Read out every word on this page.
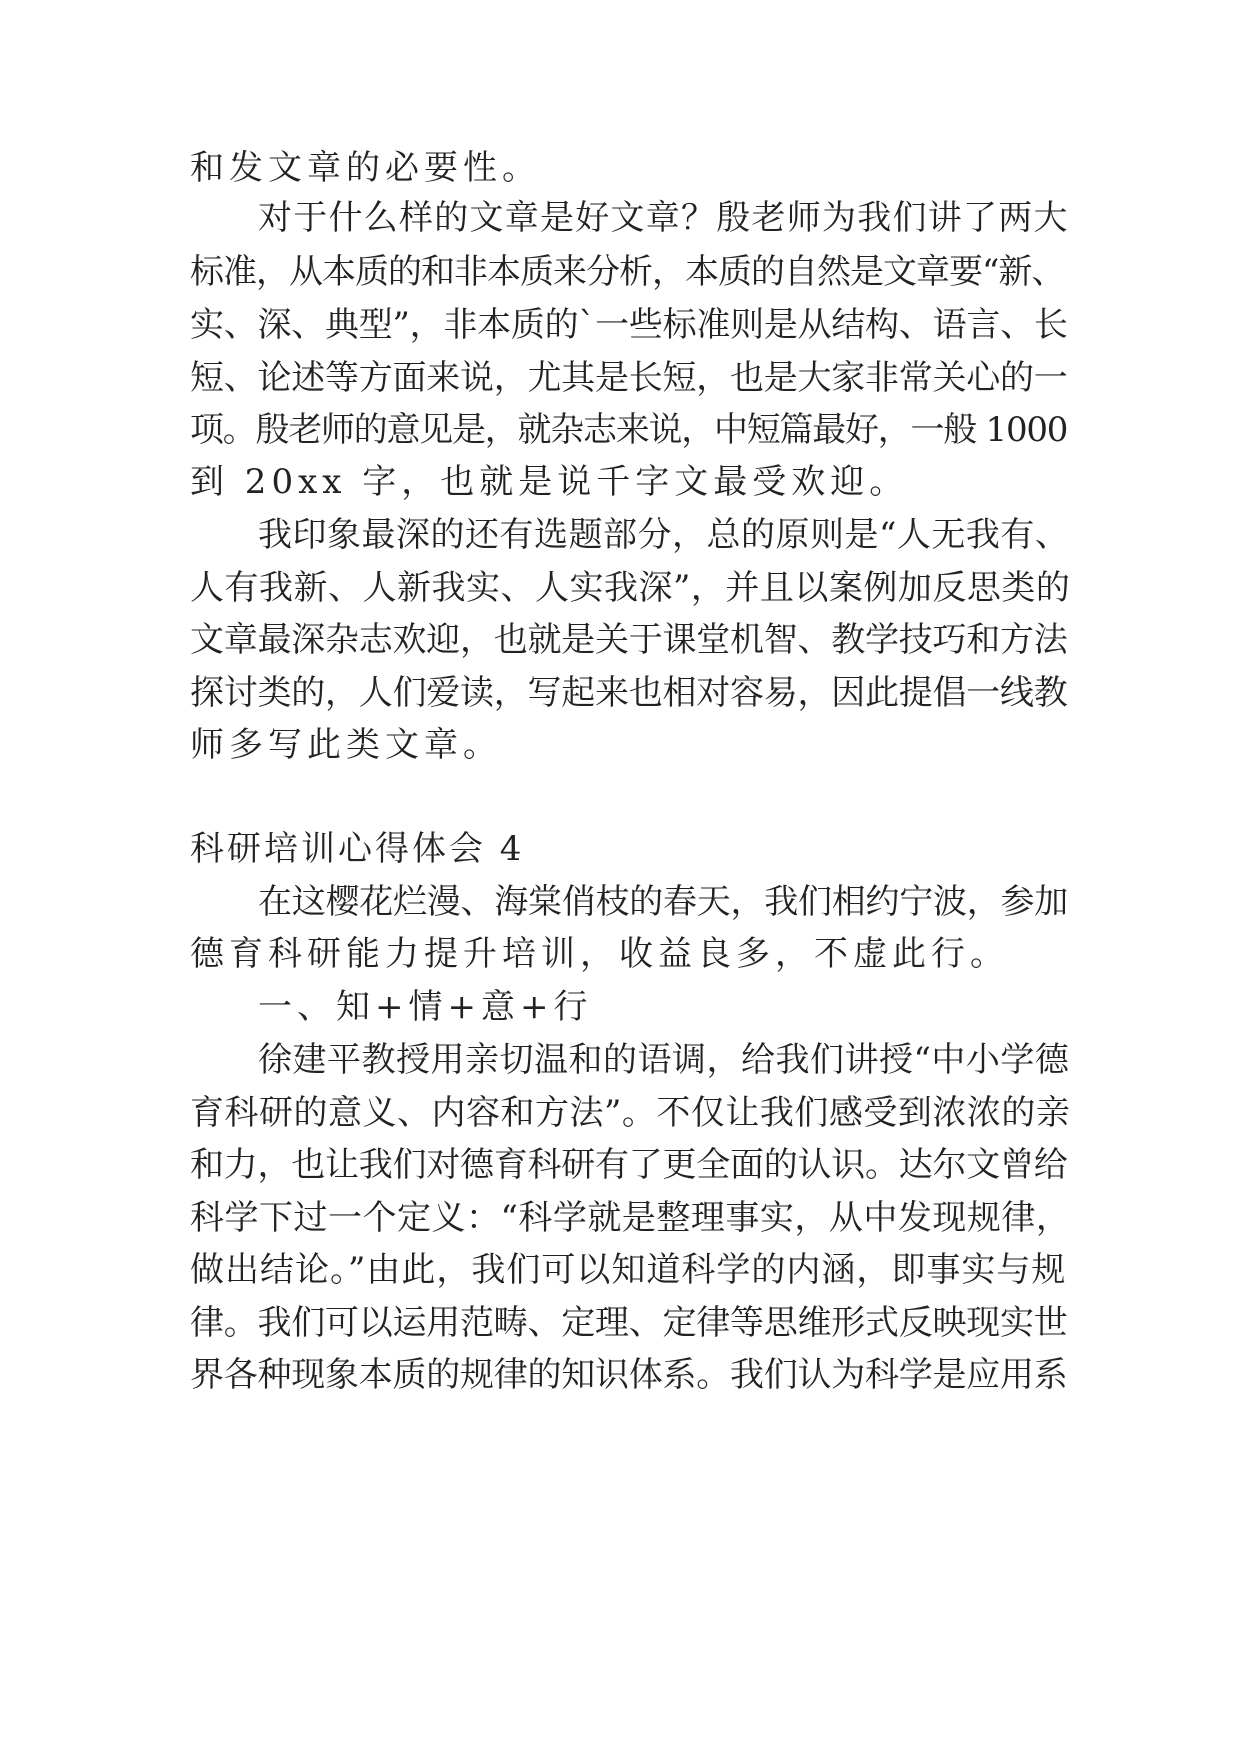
和发文章的必要性。
对于什么样的文章是好文章？殷老师为我们讲了两大
标准，从本质的和非本质来分析，本质的自然是文章要“新、
实、深、典型”，非本质的`一些标准则是从结构、语言、长
短、论述等方面来说，尤其是长短，也是大家非常关心的一
项。殷老师的意见是，就杂志来说，中短篇最好，一般 1000
到 20xx 字，也就是说千字文最受欢迎。
我印象最深的还有选题部分，总的原则是“人无我有、
人有我新、人新我实、人实我深”，并且以案例加反思类的
文章最深杂志欢迎，也就是关于课堂机智、教学技巧和方法
探讨类的，人们爱读，写起来也相对容易，因此提倡一线教
师多写此类文章。
科研培训心得体会 4
在这樱花烂漫、海棠俏枝的春天，我们相约宁波，参加
德育科研能力提升培训，收益良多，不虚此行。
一、知+情+意+行
徐建平教授用亲切温和的语调，给我们讲授“中小学德
育科研的意义、内容和方法”。不仅让我们感受到浓浓的亲
和力，也让我们对德育科研有了更全面的认识。达尔文曾给
科学下过一个定义：“科学就是整理事实，从中发现规律，
做出结论。”由此，我们可以知道科学的内涵，即事实与规
律。我们可以运用范畴、定理、定律等思维形式反映现实世
界各种现象本质的规律的知识体系。我们认为科学是应用系
